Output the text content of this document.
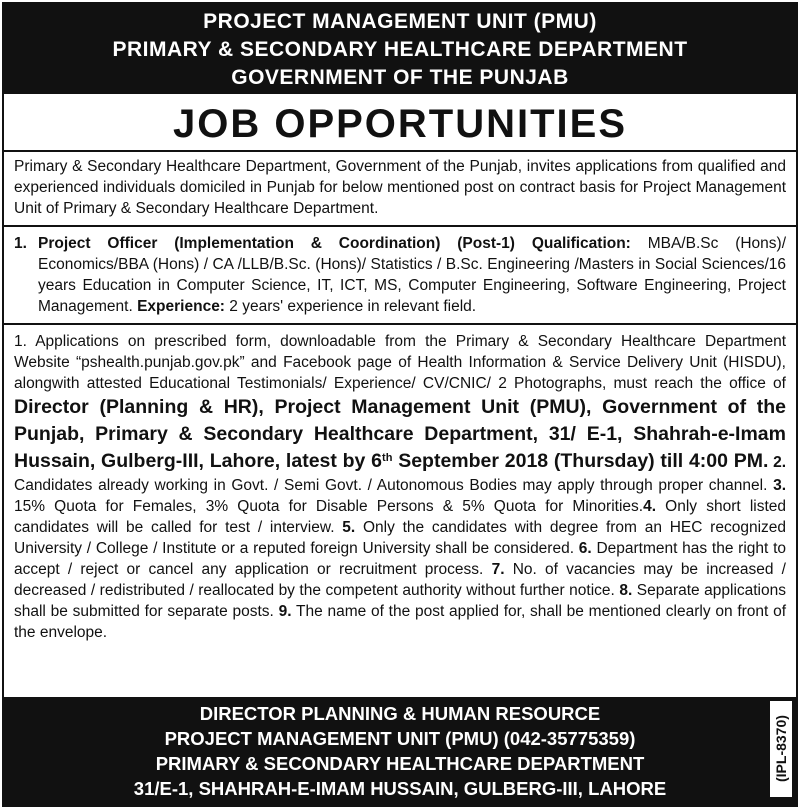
PROJECT MANAGEMENT UNIT (PMU)
PRIMARY & SECONDARY HEALTHCARE DEPARTMENT
GOVERNMENT OF THE PUNJAB
JOB OPPORTUNITIES
Primary & Secondary Healthcare Department, Government of the Punjab, invites applications from qualified and experienced individuals domiciled in Punjab for below mentioned post on contract basis for Project Management Unit of Primary & Secondary Healthcare Department.
1. Project Officer (Implementation & Coordination) (Post-1) Qualification: MBA/B.Sc (Hons)/ Economics/BBA (Hons) / CA /LLB/B.Sc. (Hons)/ Statistics / B.Sc. Engineering /Masters in Social Sciences/16 years Education in Computer Science, IT, ICT, MS, Computer Engineering, Software Engineering, Project Management. Experience: 2 years' experience in relevant field.
1. Applications on prescribed form, downloadable from the Primary & Secondary Healthcare Department Website “pshealth.punjab.gov.pk” and Facebook page of Health Information & Service Delivery Unit (HISDU), alongwith attested Educational Testimonials/ Experience/ CV/CNIC/ 2 Photographs, must reach the office of Director (Planning & HR), Project Management Unit (PMU), Government of the Punjab, Primary & Secondary Healthcare Department, 31/ E-1, Shahrah-e-Imam Hussain, Gulberg-III, Lahore, latest by 6th September 2018 (Thursday) till 4:00 PM. 2. Candidates already working in Govt. / Semi Govt. / Autonomous Bodies may apply through proper channel. 3. 15% Quota for Females, 3% Quota for Disable Persons & 5% Quota for Minorities.4. Only short listed candidates will be called for test / interview. 5. Only the candidates with degree from an HEC recognized University / College / Institute or a reputed foreign University shall be considered. 6. Department has the right to accept / reject or cancel any application or recruitment process. 7. No. of vacancies may be increased / decreased / redistributed / reallocated by the competent authority without further notice. 8. Separate applications shall be submitted for separate posts. 9. The name of the post applied for, shall be mentioned clearly on front of the envelope.
DIRECTOR PLANNING & HUMAN RESOURCE
PROJECT MANAGEMENT UNIT (PMU) (042-35775359)
PRIMARY & SECONDARY HEALTHCARE DEPARTMENT
31/E-1, SHAHRAH-E-IMAM HUSSAIN, GULBERG-III, LAHORE
(IPL-8370)
